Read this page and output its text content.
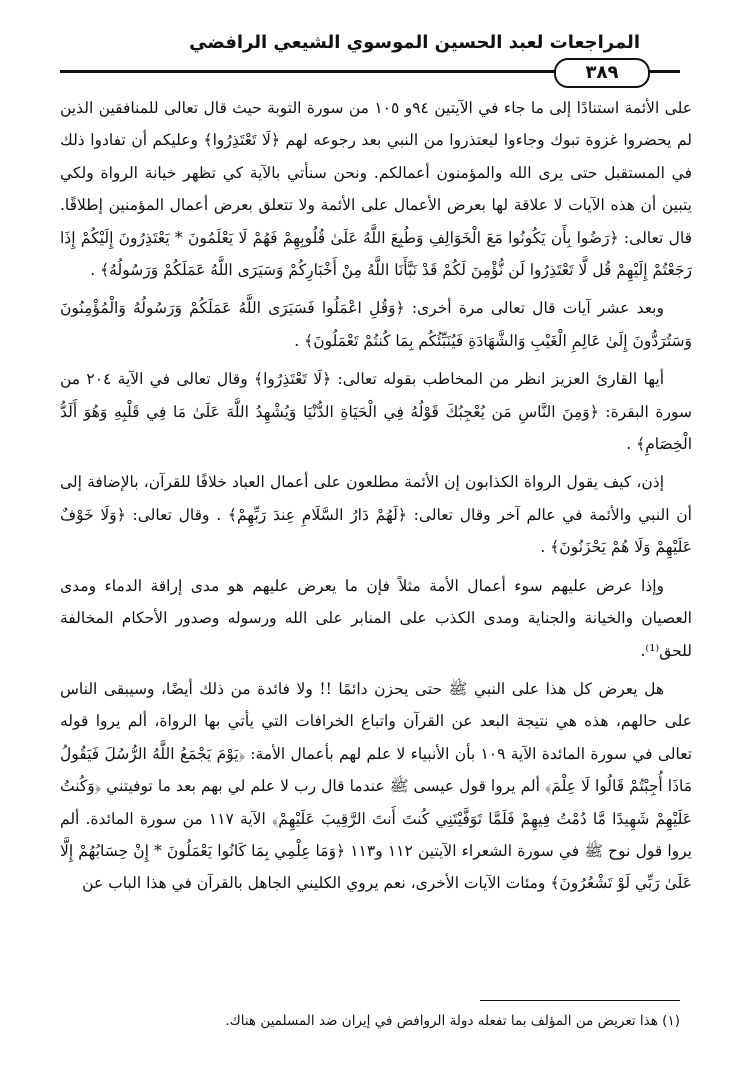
المراجعات لعبد الحسين الموسوي الشيعي الرافضي
٣٨٩

على الأئمة استنادًا إلى ما جاء في الآيتين ٩٤و ١٠٥ من سورة التوبة حيث قال تعالى للمنافقين الذين لم يحضروا غزوة تبوك وجاءوا ليعتذروا من النبي بعد رجوعه لهم ﴿لَا تَعْتَذِرُوا﴾ وعليكم أن تفادوا ذلك في المستقبل حتى يرى الله والمؤمنون أعمالكم. ونحن سنأتي بالآية كي تظهر خيانة الرواة ولكي يتبين أن هذه الآيات لا علاقة لها بعرض الأعمال على الأئمة ولا تتعلق بعرض أعمال المؤمنين إطلاقًا. قال تعالى: ﴿رَضُوا بِأَن يَكُونُوا مَعَ الْخَوَالِفِ وَطُبِعَ اللَّهُ عَلَىٰ قُلُوبِهِمْ فَهُمْ لَا يَعْلَمُونَ * يَعْتَذِرُونَ إِلَيْكُمْ إِذَا رَجَعْتُمْ إِلَيْهِمْ قُل لَّا تَعْتَذِرُوا لَن نُّؤْمِنَ لَكُمْ قَدْ نَبَّأَنَا اللَّهُ مِنْ أَخْبَارِكُمْ وَسَيَرَى اللَّهُ عَمَلَكُمْ وَرَسُولُهُ﴾ .

وبعد عشر آيات قال تعالى مرة أخرى: ﴿وَقُلِ اعْمَلُوا فَسَيَرَى اللَّهُ عَمَلَكُمْ وَرَسُولُهُ وَالْمُؤْمِنُونَ وَسَتُرَدُّونَ إِلَىٰ عَالِمِ الْغَيْبِ وَالشَّهَادَةِ فَيُنَبِّئُكُم بِمَا كُنتُمْ تَعْمَلُونَ﴾ .

أيها القارئ العزيز انظر من المخاطب بقوله تعالى: ﴿لَا تَعْتَذِرُوا﴾ وقال تعالى في الآية ٢٠٤ من سورة البقرة: ﴿وَمِنَ النَّاسِ مَن يُعْجِبُكَ قَوْلُهُ فِي الْحَيَاةِ الدُّنْيَا وَيُشْهِدُ اللَّهَ عَلَىٰ مَا فِي قَلْبِهِ وَهُوَ أَلَدُّ الْخِصَامِ﴾ .

إذن، كيف يقول الرواة الكذابون إن الأئمة مطلعون على أعمال العباد خلافًا للقرآن، بالإضافة إلى أن النبي والأئمة في عالم آخر وقال تعالى: ﴿لَهُمْ دَارُ السَّلَامِ عِندَ رَبِّهِمْ﴾ . وقال تعالى: ﴿وَلَا خَوْفٌ عَلَيْهِمْ وَلَا هُمْ يَحْزَنُونَ﴾ .

وإذا عرض عليهم سوء أعمال الأمة مثلاً فإن ما يعرض عليهم هو مدى إراقة الدماء ومدى العصيان والخيانة والجناية ومدى الكذب على المنابر على الله ورسوله وصدور الأحكام المخالفة للحق⁽¹⁾.

هل يعرض كل هذا على النبي ﷺ حتى يحزن دائمًا !! ولا فائدة من ذلك أيضًا، وسيبقى الناس على حالهم، هذه هي نتيجة البعد عن القرآن واتباع الخرافات التي يأتي بها الرواة، ألم يروا قوله تعالى في سورة المائدة الآية ١٠٩ بأن الأنبياء لا علم لهم بأعمال الأمة: ﴿يَوْمَ يَجْمَعُ اللَّهُ الرُّسُلَ فَيَقُولُ مَاذَا أُجِبْتُمْ قَالُوا لَا عِلْمَ﴾ ألم يروا قول عيسى ﷺ عندما قال رب لا علم لي بهم بعد ما توفيتني ﴿وَكُنتُ عَلَيْهِمْ شَهِيدًا مَّا دُمْتُ فِيهِمْ فَلَمَّا تَوَفَّيْتَنِي كُنتَ أَنتَ الرَّقِيبَ عَلَيْهِمْ﴾ الآية ١١٧ من سورة المائدة. ألم يروا قول نوح ﷺ في سورة الشعراء الآيتين ١١٢ و١١٣ ﴿وَمَا عِلْمِي بِمَا كَانُوا يَعْمَلُونَ * إِنْ حِسَابُهُمْ إِلَّا عَلَىٰ رَبِّي لَوْ تَشْعُرُونَ﴾ ومئات الآيات الأخرى، نعم يروي الكليني الجاهل بالقرآن في هذا الباب عن

(١) هذا تعريض من المؤلف بما تفعله دولة الروافض في إيران ضد المسلمين هناك.
